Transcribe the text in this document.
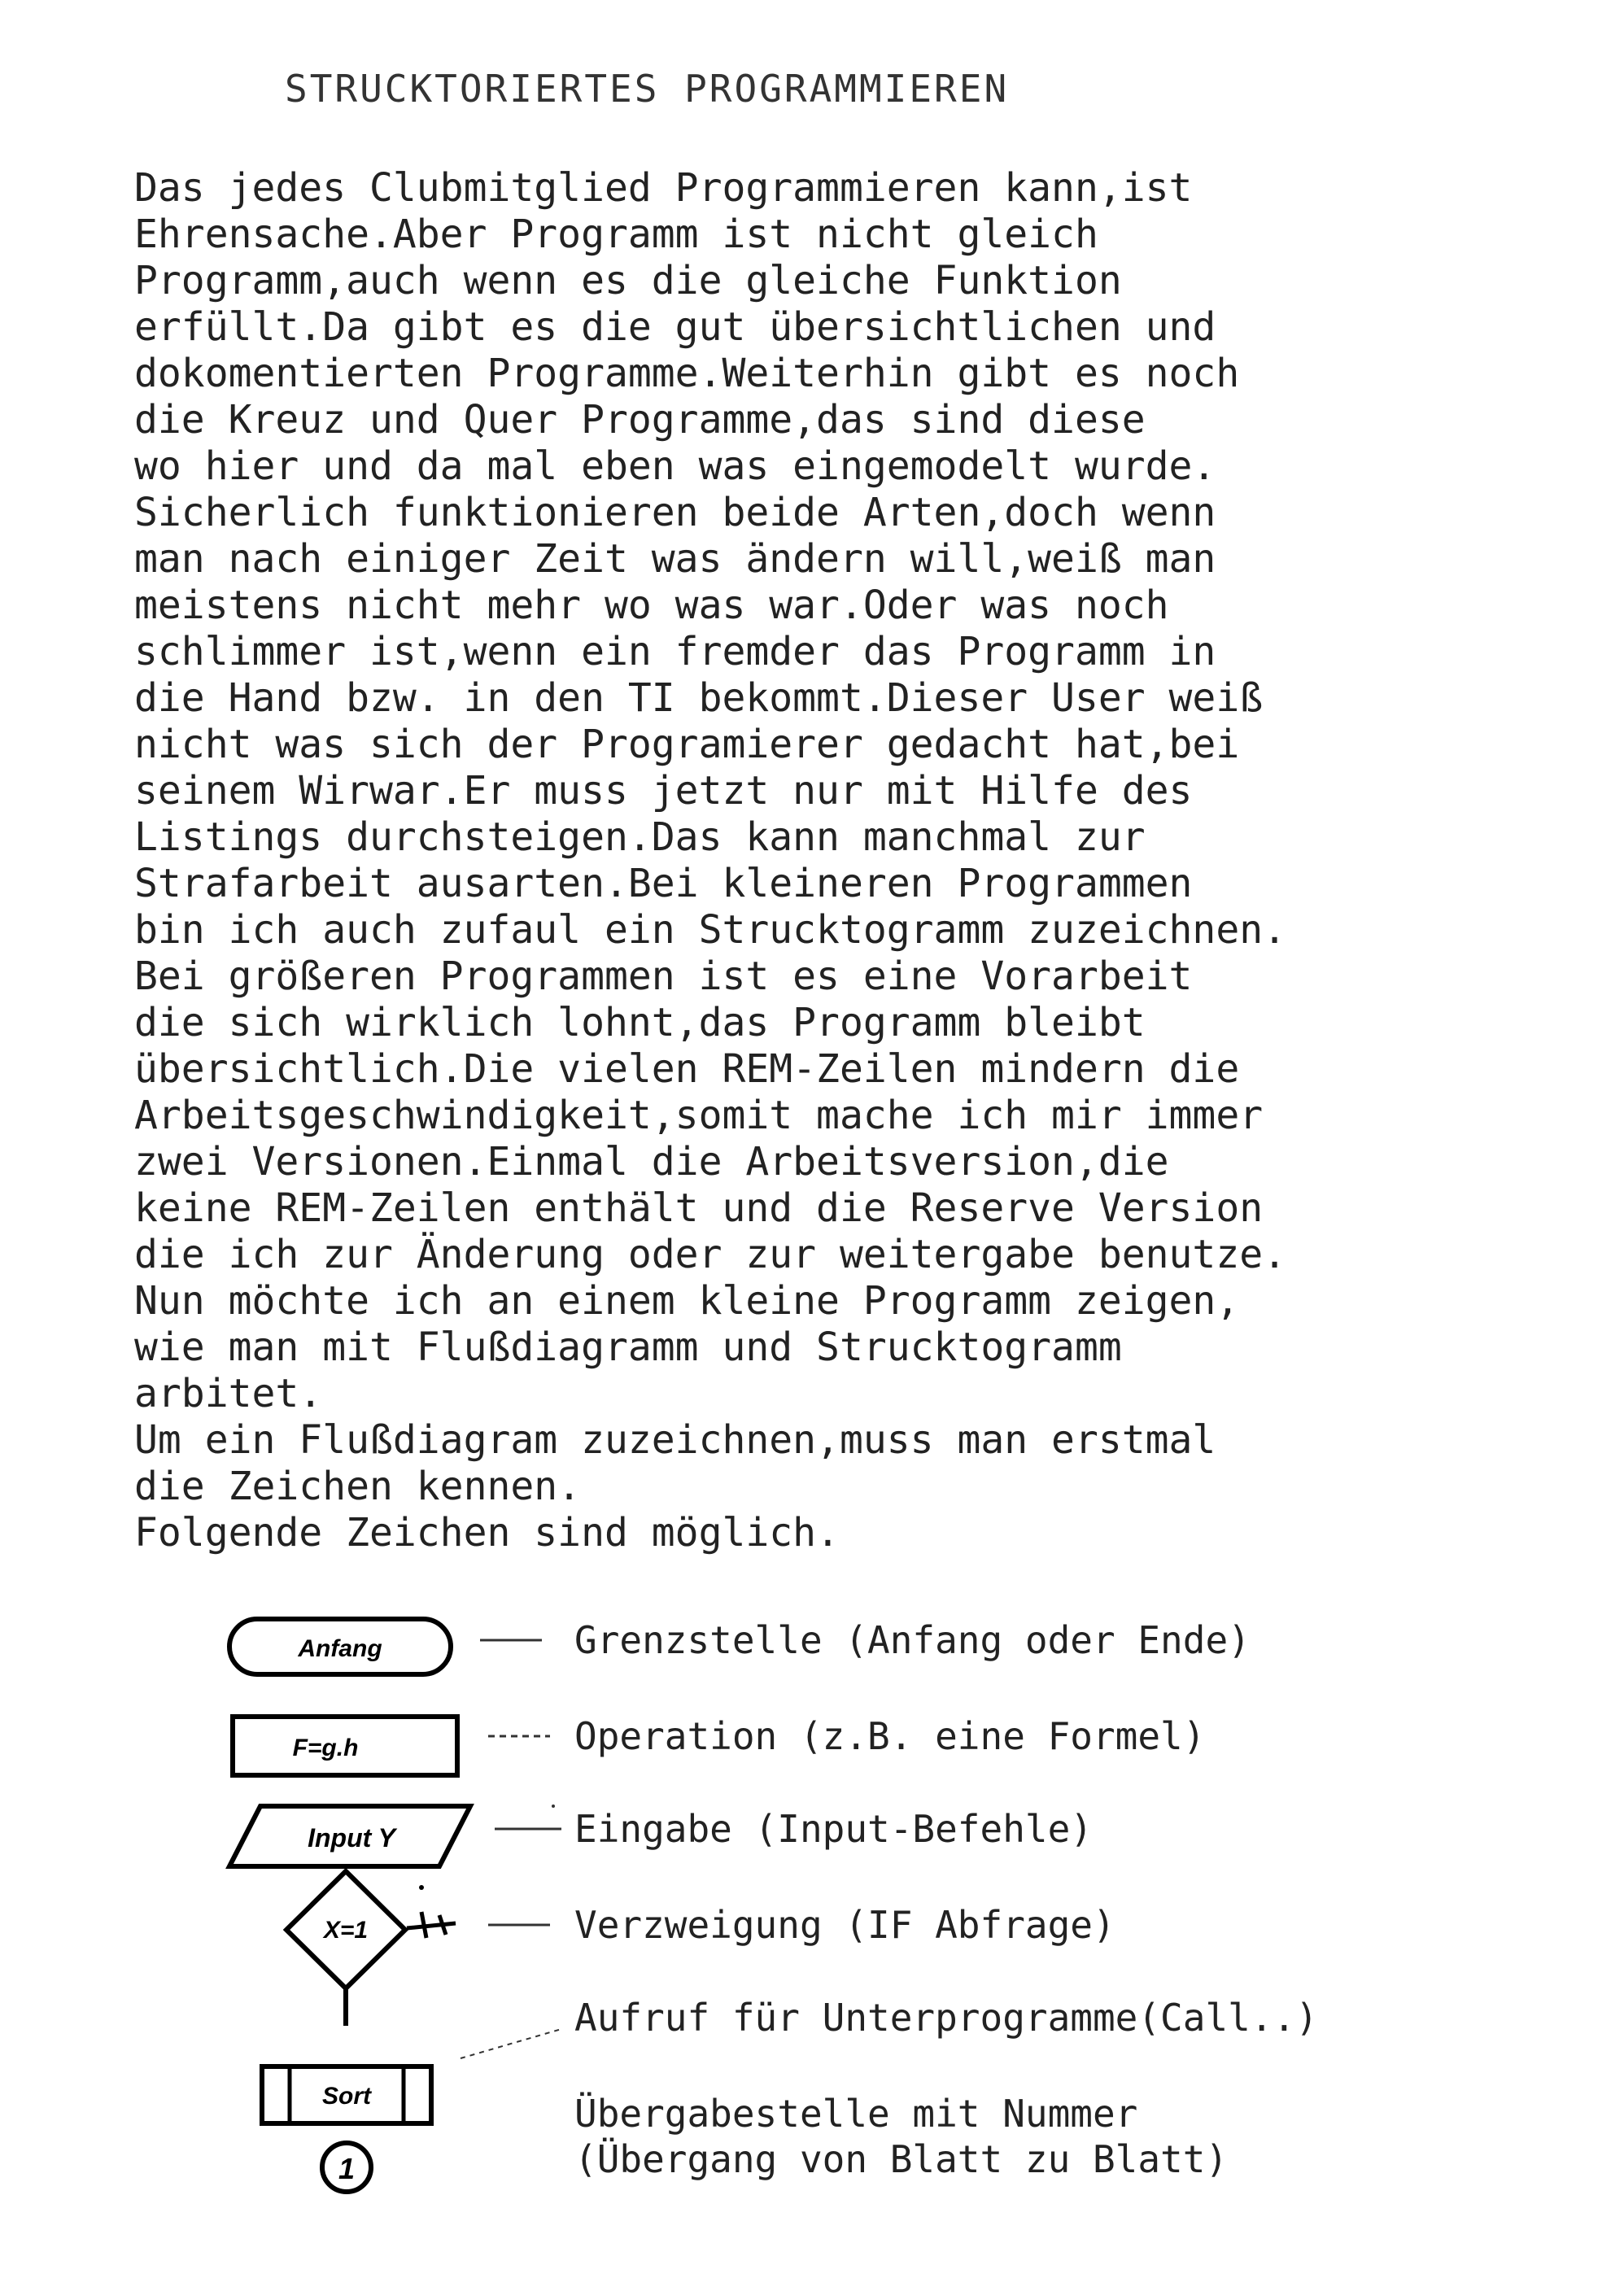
STRUCKTORIERTES PROGRAMMIEREN
Das jedes Clubmitglied Programmieren kann,ist
Ehrensache.Aber Programm ist nicht gleich
Programm,auch wenn es die gleiche Funktion
erfüllt.Da gibt es die gut übersichtlichen und
dokomentierten Programme.Weiterhin gibt es noch
die Kreuz und Quer Programme,das sind diese
wo hier und da mal eben was eingemodelt wurde.
Sicherlich funktionieren beide Arten,doch wenn
man nach einiger Zeit was ändern will,weiß man
meistens nicht mehr wo was war.Oder was noch
schlimmer ist,wenn ein fremder das Programm in
die Hand bzw. in den TI bekommt.Dieser User weiß
nicht was sich der Programierer gedacht hat,bei
seinem Wirwar.Er muss jetzt nur mit Hilfe des
Listings durchsteigen.Das kann manchmal zur
Strafarbeit ausarten.Bei kleineren Programmen
bin ich auch zufaul ein Strucktogramm zuzeichnen.
Bei größeren Programmen ist es eine Vorarbeit
die sich wirklich lohnt,das Programm bleibt
übersichtlich.Die vielen REM-Zeilen mindern die
Arbeitsgeschwindigkeit,somit mache ich mir immer
zwei Versionen.Einmal die Arbeitsversion,die
keine REM-Zeilen enthält und die Reserve Version
die ich zur Änderung oder zur weitergabe benutze.
Nun möchte ich an einem kleine Programm zeigen,
wie man mit Flußdiagramm und Strucktogramm
arbitet.
Um ein Flußdiagram zuzeichnen,muss man erstmal
die Zeichen kennen.
Folgende Zeichen sind möglich.
Anfang
F=g.h
Input Y
X=1
Sort
1
Grenzstelle (Anfang oder Ende)
Operation (z.B. eine Formel)
Eingabe (Input-Befehle)
Verzweigung (IF Abfrage)
Aufruf für Unterprogramme(Call..)
Übergabestelle mit Nummer
(Übergang von Blatt zu Blatt)
